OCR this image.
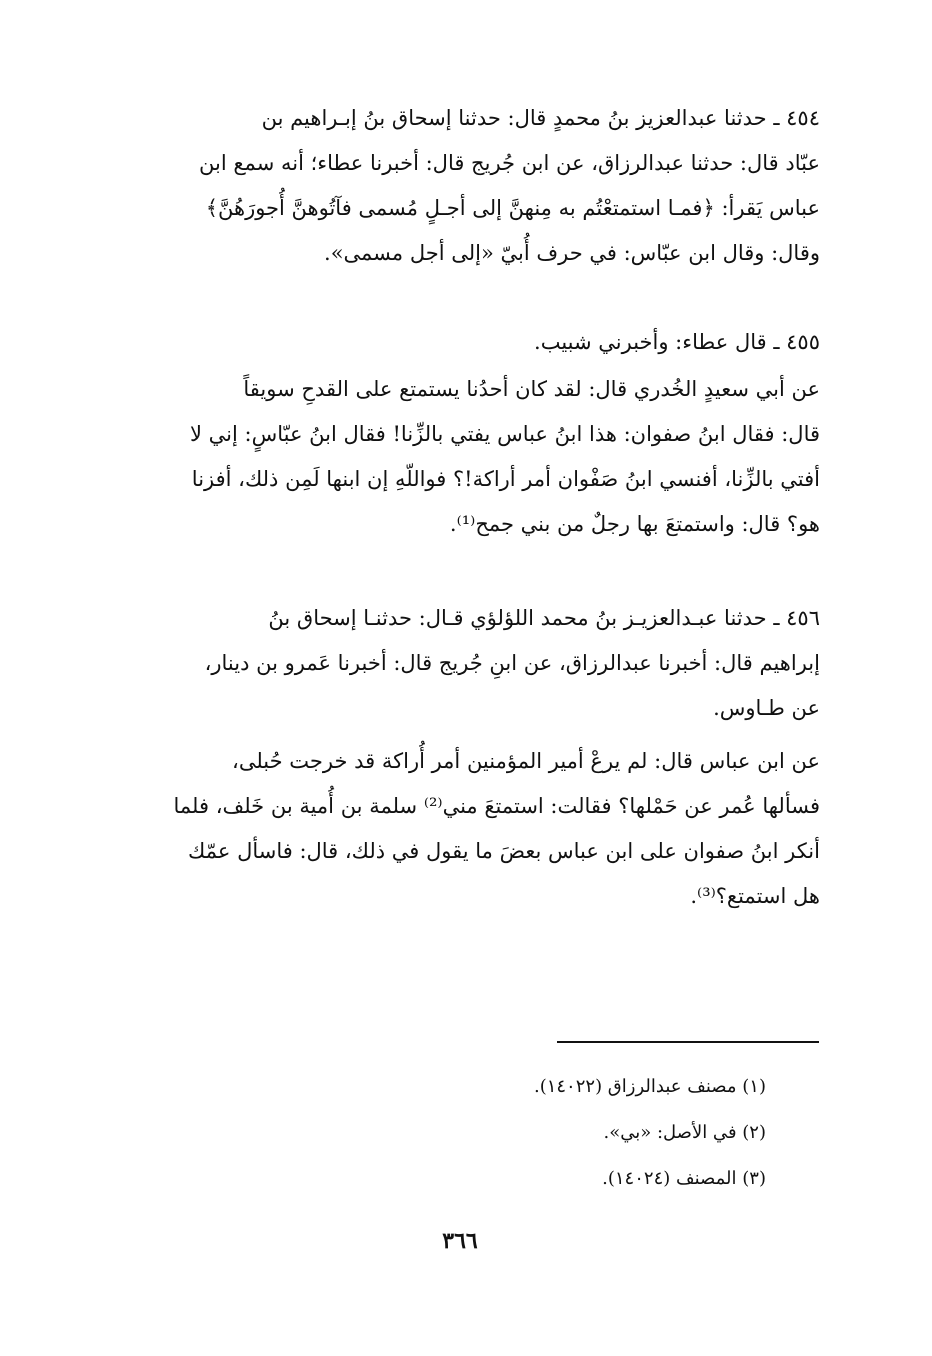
٤٥٤ ـ حدثنا عبدالعزيز بنُ محمدٍ قال: حدثنا إسحاق بنُ إبـراهيم بن
عبّاد قال: حدثنا عبدالرزاق، عن ابن جُريج قال: أخبرنا عطاء؛ أنه سمع ابن
عباس يَقرأ: ﴿فمـا استمتعْتُم به مِنهنَّ إلى أجـلٍ مُسمى فآتُوهنَّ أُجورَهُنَّ﴾
وقال: وقال ابن عبّاس: في حرف أُبيّ «إلى أجل مسمى».
٤٥٥ ـ قال عطاء: وأخبرني شبيب.
عن أبي سعيدٍ الخُدري قال: لقد كان أحدُنا يستمتع على القدحِ سويقاً
قال: فقال ابنُ صفوان: هذا ابنُ عباس يفتي بالزِّنا! فقال ابنُ عبّاسٍ: إني لا
أفتي بالزِّنا، أفنسي ابنُ صَفْوان أمر أراكة!؟ فواللّهِ إن ابنها لَمِن ذلك، أفزنا
هو؟ قال: واستمتعَ بها رجلٌ من بني جمح⁽¹⁾.
٤٥٦ ـ حدثنا عبـدالعزيـز بنُ محمد اللؤلؤي قـال: حدثنـا إسحاق بنُ
إبراهيم قال: أخبرنا عبدالرزاق، عن ابنِ جُريج قال: أخبرنا عَمرو بن دينار،
عن طـاوس.
عن ابن عباس قال: لم يرعْ أمير المؤمنين أمر أُراكة قد خرجت حُبلى،
فسألها عُمر عن حَمْلها؟ فقالت: استمتعَ مني⁽²⁾ سلمة بن أُمية بن خَلف، فلما
أنكر ابنُ صفوان على ابن عباس بعضَ ما يقول في ذلك، قال: فاسأل عمّك
هل استمتع؟⁽³⁾.
(١) مصنف عبدالرزاق (١٤٠٢٢).
(٢) في الأصل: «بي».
(٣) المصنف (١٤٠٢٤).
٣٦٦
